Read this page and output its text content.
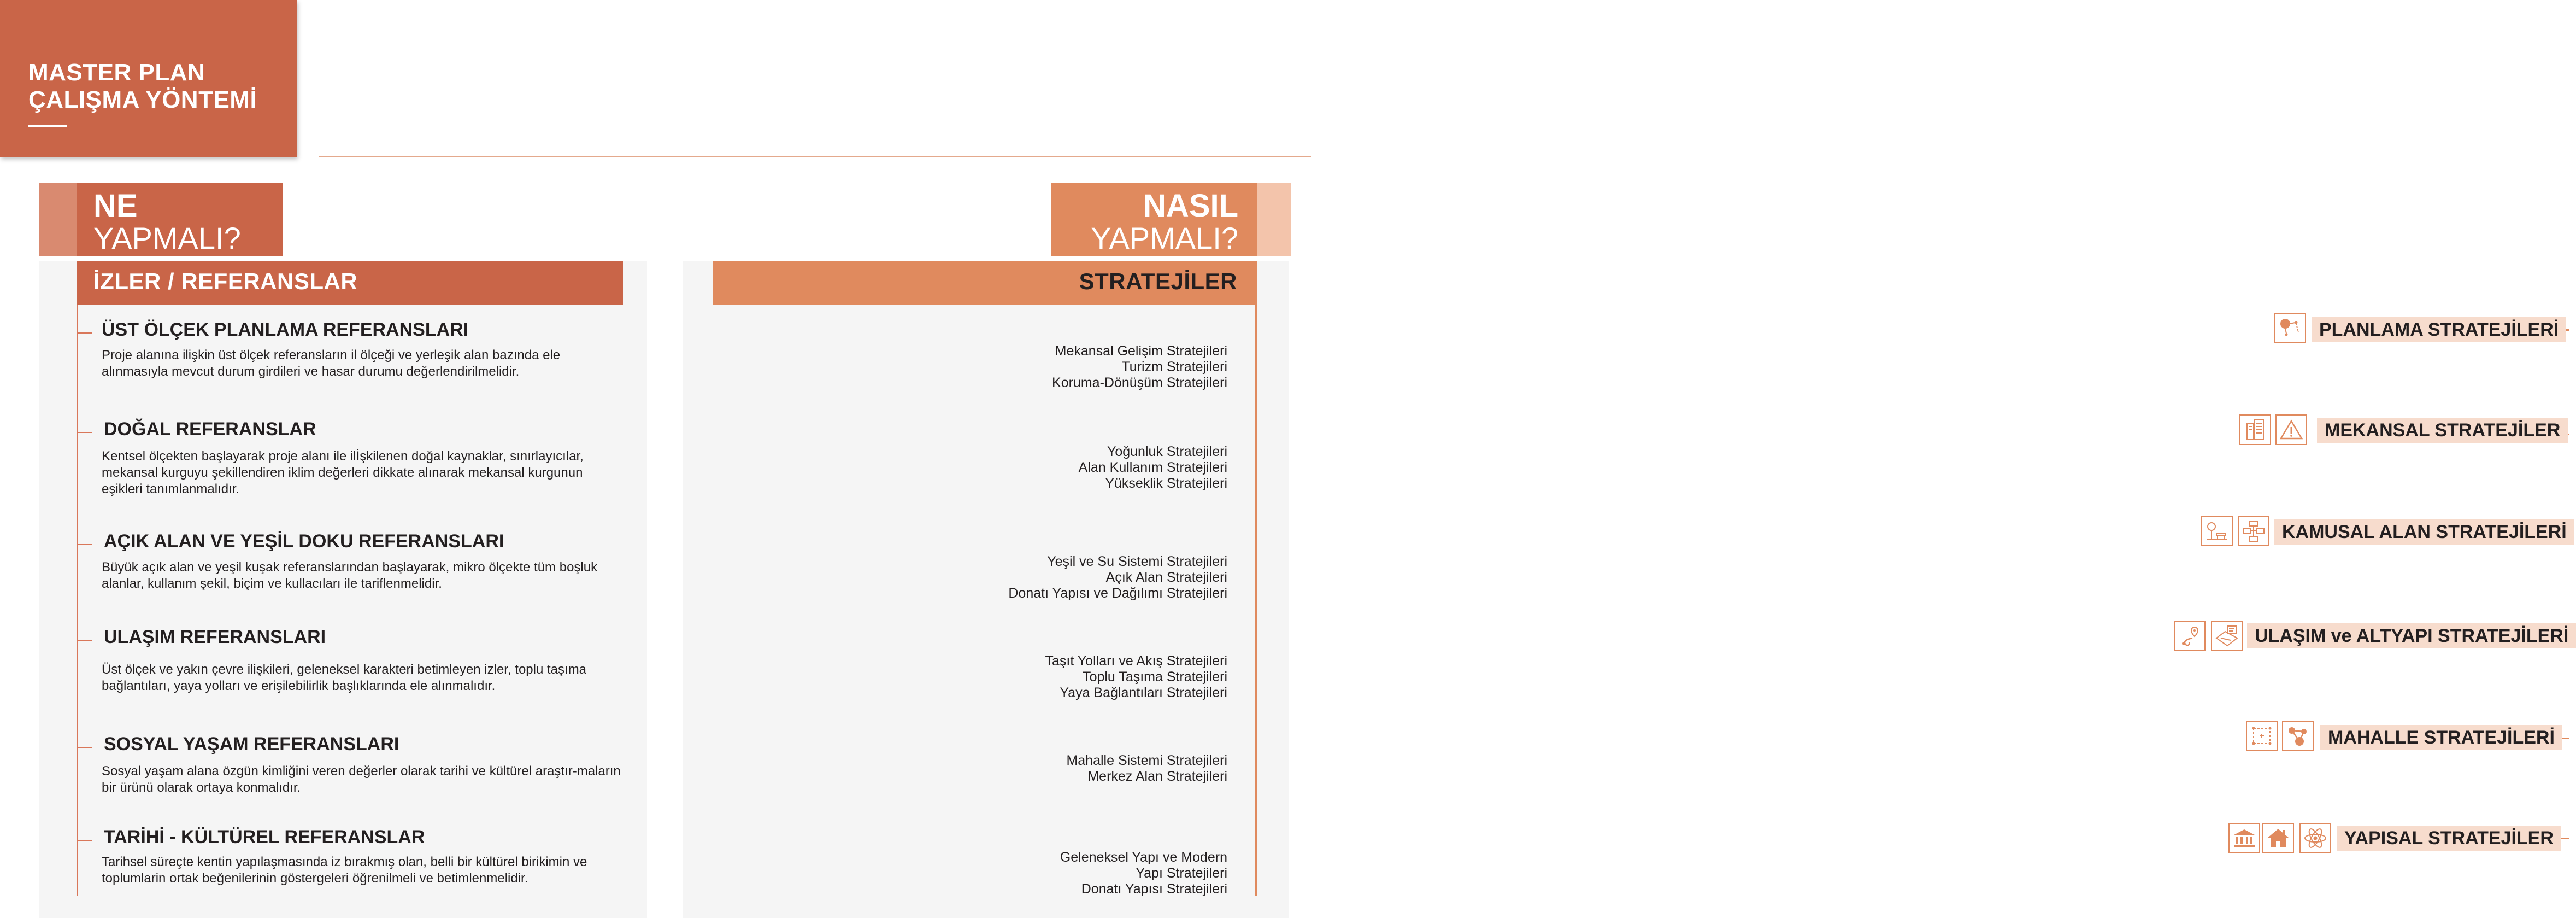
MASTER PLAN
ÇALIŞMA YÖNTEMİ
NE
YAPMALI?
İZLER / REFERANSLAR
NASIL
YAPMALI?
STRATEJİLER
ÜST ÖLÇEK PLANLAMA REFERANSLARI
Proje alanına ilişkin üst ölçek referansların il ölçeği ve yerleşik alan bazında ele alınmasıyla mevcut durum girdileri ve hasar durumu değerlendirilmelidir.
DOĞAL REFERANSLAR
Kentsel ölçekten başlayarak proje alanı ile ilİşkilenen doğal kaynaklar, sınırlayıcılar, mekansal kurguyu şekillendiren iklim değerleri dikkate alınarak mekansal kurgunun eşikleri tanımlanmalıdır.
AÇIK ALAN VE YEŞİL DOKU REFERANSLARI
Büyük açık alan ve yeşil kuşak referanslarından başlayarak, mikro ölçekte tüm boşluk alanlar, kullanım şekil, biçim ve kullacıları ile tariflenmelidir.
ULAŞIM REFERANSLARI
Üst ölçek ve yakın çevre ilişkileri, geleneksel karakteri betimleyen izler, toplu taşıma bağlantıları, yaya yolları ve erişilebilirlik başlıklarında ele alınmalıdır.
SOSYAL YAŞAM REFERANSLARI
Sosyal yaşam alana özgün kimliğini veren değerler olarak tarihi ve kültürel araştır-maların bir ürünü olarak ortaya konmalıdır.
TARİHİ - KÜLTÜREL REFERANSLAR
Tarihsel süreçte kentin yapılaşmasında iz bırakmış olan, belli bir kültürel birikimin ve toplumlarin ortak beğenilerinin göstergeleri öğrenilmeli ve betimlenmelidir.
PLANLAMA STRATEJİLERİ
Mekansal Gelişim Stratejileri
Turizm Stratejileri
Koruma-Dönüşüm Stratejileri
MEKANSAL STRATEJİLER
Yoğunluk Stratejileri
Alan Kullanım Stratejileri
Yükseklik Stratejileri
KAMUSAL ALAN STRATEJİLERİ
Yeşil ve Su Sistemi Stratejileri
Açık Alan Stratejileri
Donatı Yapısı ve Dağılımı Stratejileri
ULAŞIM ve ALTYAPI STRATEJİLERİ
Taşıt Yolları ve Akış Stratejileri
Toplu Taşıma Stratejileri
Yaya Bağlantıları Stratejileri
MAHALLE STRATEJİLERİ
Mahalle Sistemi Stratejileri
Merkez Alan Stratejileri
YAPISAL STRATEJİLER
Geleneksel Yapı ve Modern
Yapı Stratejileri
Donatı Yapısı Stratejileri
